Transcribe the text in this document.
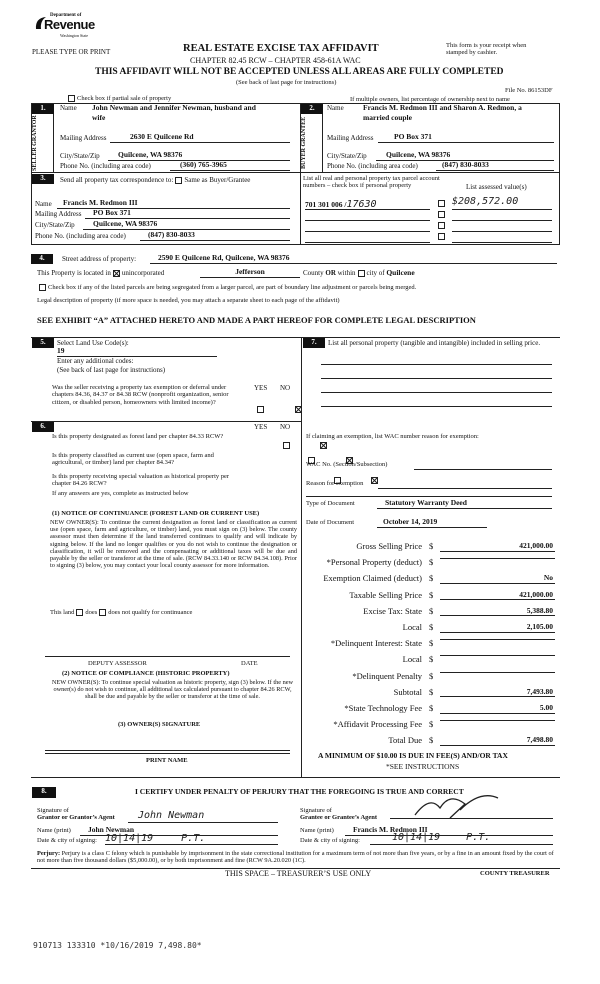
Department of
Revenue
Washington State
PLEASE TYPE OR PRINT	REAL ESTATE EXCISE TAX AFFIDAVIT
CHAPTER 82.45 RCW – CHAPTER 458-61A WAC
This form is your receipt when stamped by cashier.
THIS AFFIDAVIT WILL NOT BE ACCEPTED UNLESS ALL AREAS ARE FULLY COMPLETED
(See back of last page for instructions)
File No. 86153DF
Check box if partial sale of property	If multiple owners, list percentage of ownership next to name
1.
SELLER GRANTOR
Name John Newman and Jennifer Newman, husband and
wife
Mailing Address	2630 E Quilcene Rd
City/State/Zip	Quilcene, WA 98376
Phone No. (including area code)	(360) 765-3965
2.
BUYER GRANTEE
Name	Francis M. Redmon III and Sharon A. Redmon, a
married couple
Mailing Address	PO Box 371
City/State/Zip	Quilcene, WA 98376
Phone No. (including area code)	(847) 830-8033
3.	Send all property tax correspondence to: Same as Buyer/Grantee
Name	Francis M. Redmon III
Mailing Address	PO Box 371
City/State/Zip	Quilcene, WA 98376
Phone No. (including area code)	(847) 830-8033
List all real and personal property tax parcel account numbers – check box if personal property	List assessed value(s)
701 301 006 /17630	$208,572.00
4.	Street address of property:	2590 E Quilcene Rd, Quilcene, WA 98376
This Property is located in unincorporated	Jefferson	County OR within city of Quilcene
Check box if any of the listed parcels are being segregated from a larger parcel, are part of boundary line adjustment or parcels being merged.
Legal description of property (if more space is needed, you may attach a separate sheet to each page of the affidavit)
SEE EXHIBIT “A” ATTACHED HERETO AND MADE A PART HEREOF FOR COMPLETE LEGAL DESCRIPTION
5.	Select Land Use Code(s):
19
Enter any additional codes:
(See back of last page for instructions)
YES NO
Was the seller receiving a property tax exemption or deferral under chapters 84.36, 84.37 or 84.38 RCW (nonprofit organization, senior citizen, or disabled person, homeowners with limited income)?

6.	YES NO
Is this property designated as forest land per chapter 84.33 RCW?

Is this property classified as current use (open space, farm and agricultural, or timber) land per chapter 84.34?

Is this property receiving special valuation as historical property per chapter 84.26 RCW?

If any answers are yes, complete as instructed below
(1) NOTICE OF CONTINUANCE (FOREST LAND OR CURRENT USE)
NEW OWNER(S): To continue the current designation as forest land or classification as current use (open space, farm and agriculture, or timber) land, you must sign on (3) below. The county assessor must then determine if the land transferred continues to qualify and will indicate by signing below. If the land no longer qualifies or you do not wish to continue the designation or classification, it will be removed and the compensating or additional taxes will be due and payable by the seller or transferor at the time of sale. (RCW 84.33.140 or RCW 84.34.108). Prior to signing (3) below, you may contact your local county assessor for more information.
This land does does not qualify for continuance
DEPUTY ASSESSOR	DATE
(2) NOTICE OF COMPLIANCE (HISTORIC PROPERTY)
NEW OWNER(S): To continue special valuation as historic property, sign (3) below. If the new owner(s) do not wish to continue, all additional tax calculated pursuant to chapter 84.26 RCW, shall be due and payable by the seller or transferor at the time of sale.
(3) OWNER(S) SIGNATURE
PRINT NAME
7.	List all personal property (tangible and intangible) included in selling price.
If claiming an exemption, list WAC number reason for exemption:
WAC No. (Section/Subsection)
Reason for exemption
Type of Document	Statutory Warranty Deed
Date of Document	October 14, 2019
Gross Selling Price $	421,000.00
*Personal Property (deduct) $
Exemption Claimed (deduct) $	No
Taxable Selling Price $	421,000.00
Excise Tax: State $	5,388.80
Local $	2,105.00
*Delinquent Interest: State $
Local $
*Delinquent Penalty $
Subtotal $	7,493.80
*State Technology Fee $	5.00
*Affidavit Processing Fee $
Total Due $	7,498.80
A MINIMUM OF $10.00 IS DUE IN FEE(S) AND/OR TAX
*SEE INSTRUCTIONS
8.	I CERTIFY UNDER PENALTY OF PERJURY THAT THE FOREGOING IS TRUE AND CORRECT
Signature of
Grantor or Grantor’s Agent	John Newman
Name (print)	John Newman
Date & city of signing: 10|14|19	P.T.
Signature of
Grantee or Grantee’s Agent
Name (print)	Francis M. Redmon III
Date & city of signing:	10|14|19	P.T.
Perjury: Perjury is a class C felony which is punishable by imprisonment in the state correctional institution for a maximum term of not more than five years, or by a fine in an amount fixed by the court of not more than five thousand dollars ($5,000.00), or by both imprisonment and fine (RCW 9A.20.020 (1C).
THIS SPACE – TREASURER’S USE ONLY	COUNTY TREASURER
910713 133310 *10/16/2019 7,498.80*
